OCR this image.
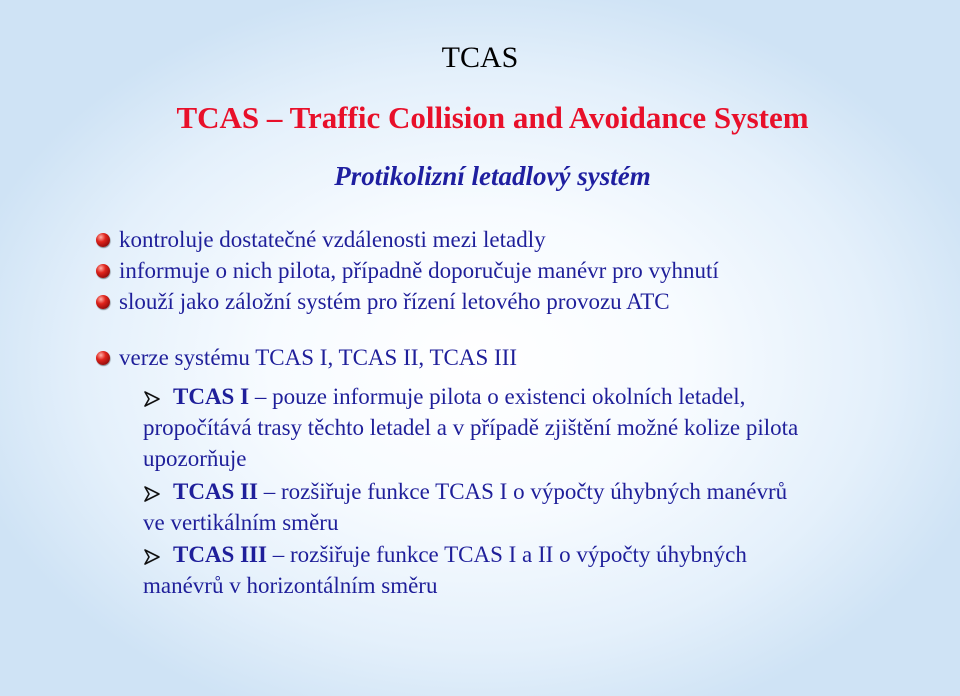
TCAS
TCAS – Traffic Collision and Avoidance System
Protikolizní letadlový systém
kontroluje dostatečné vzdálenosti mezi letadly
informuje o nich pilota, případně doporučuje manévr pro vyhnutí
slouží jako záložní systém pro řízení letového provozu ATC
verze systému TCAS I, TCAS II, TCAS III
TCAS I – pouze informuje pilota o existenci okolních letadel,
propočítává trasy těchto letadel a v případě zjištění možné kolize pilota
upozorňuje
TCAS II – rozšiřuje funkce TCAS I o výpočty úhybných manévrů
ve vertikálním směru
TCAS III – rozšiřuje funkce TCAS I a II o výpočty úhybných
manévrů v horizontálním směru
